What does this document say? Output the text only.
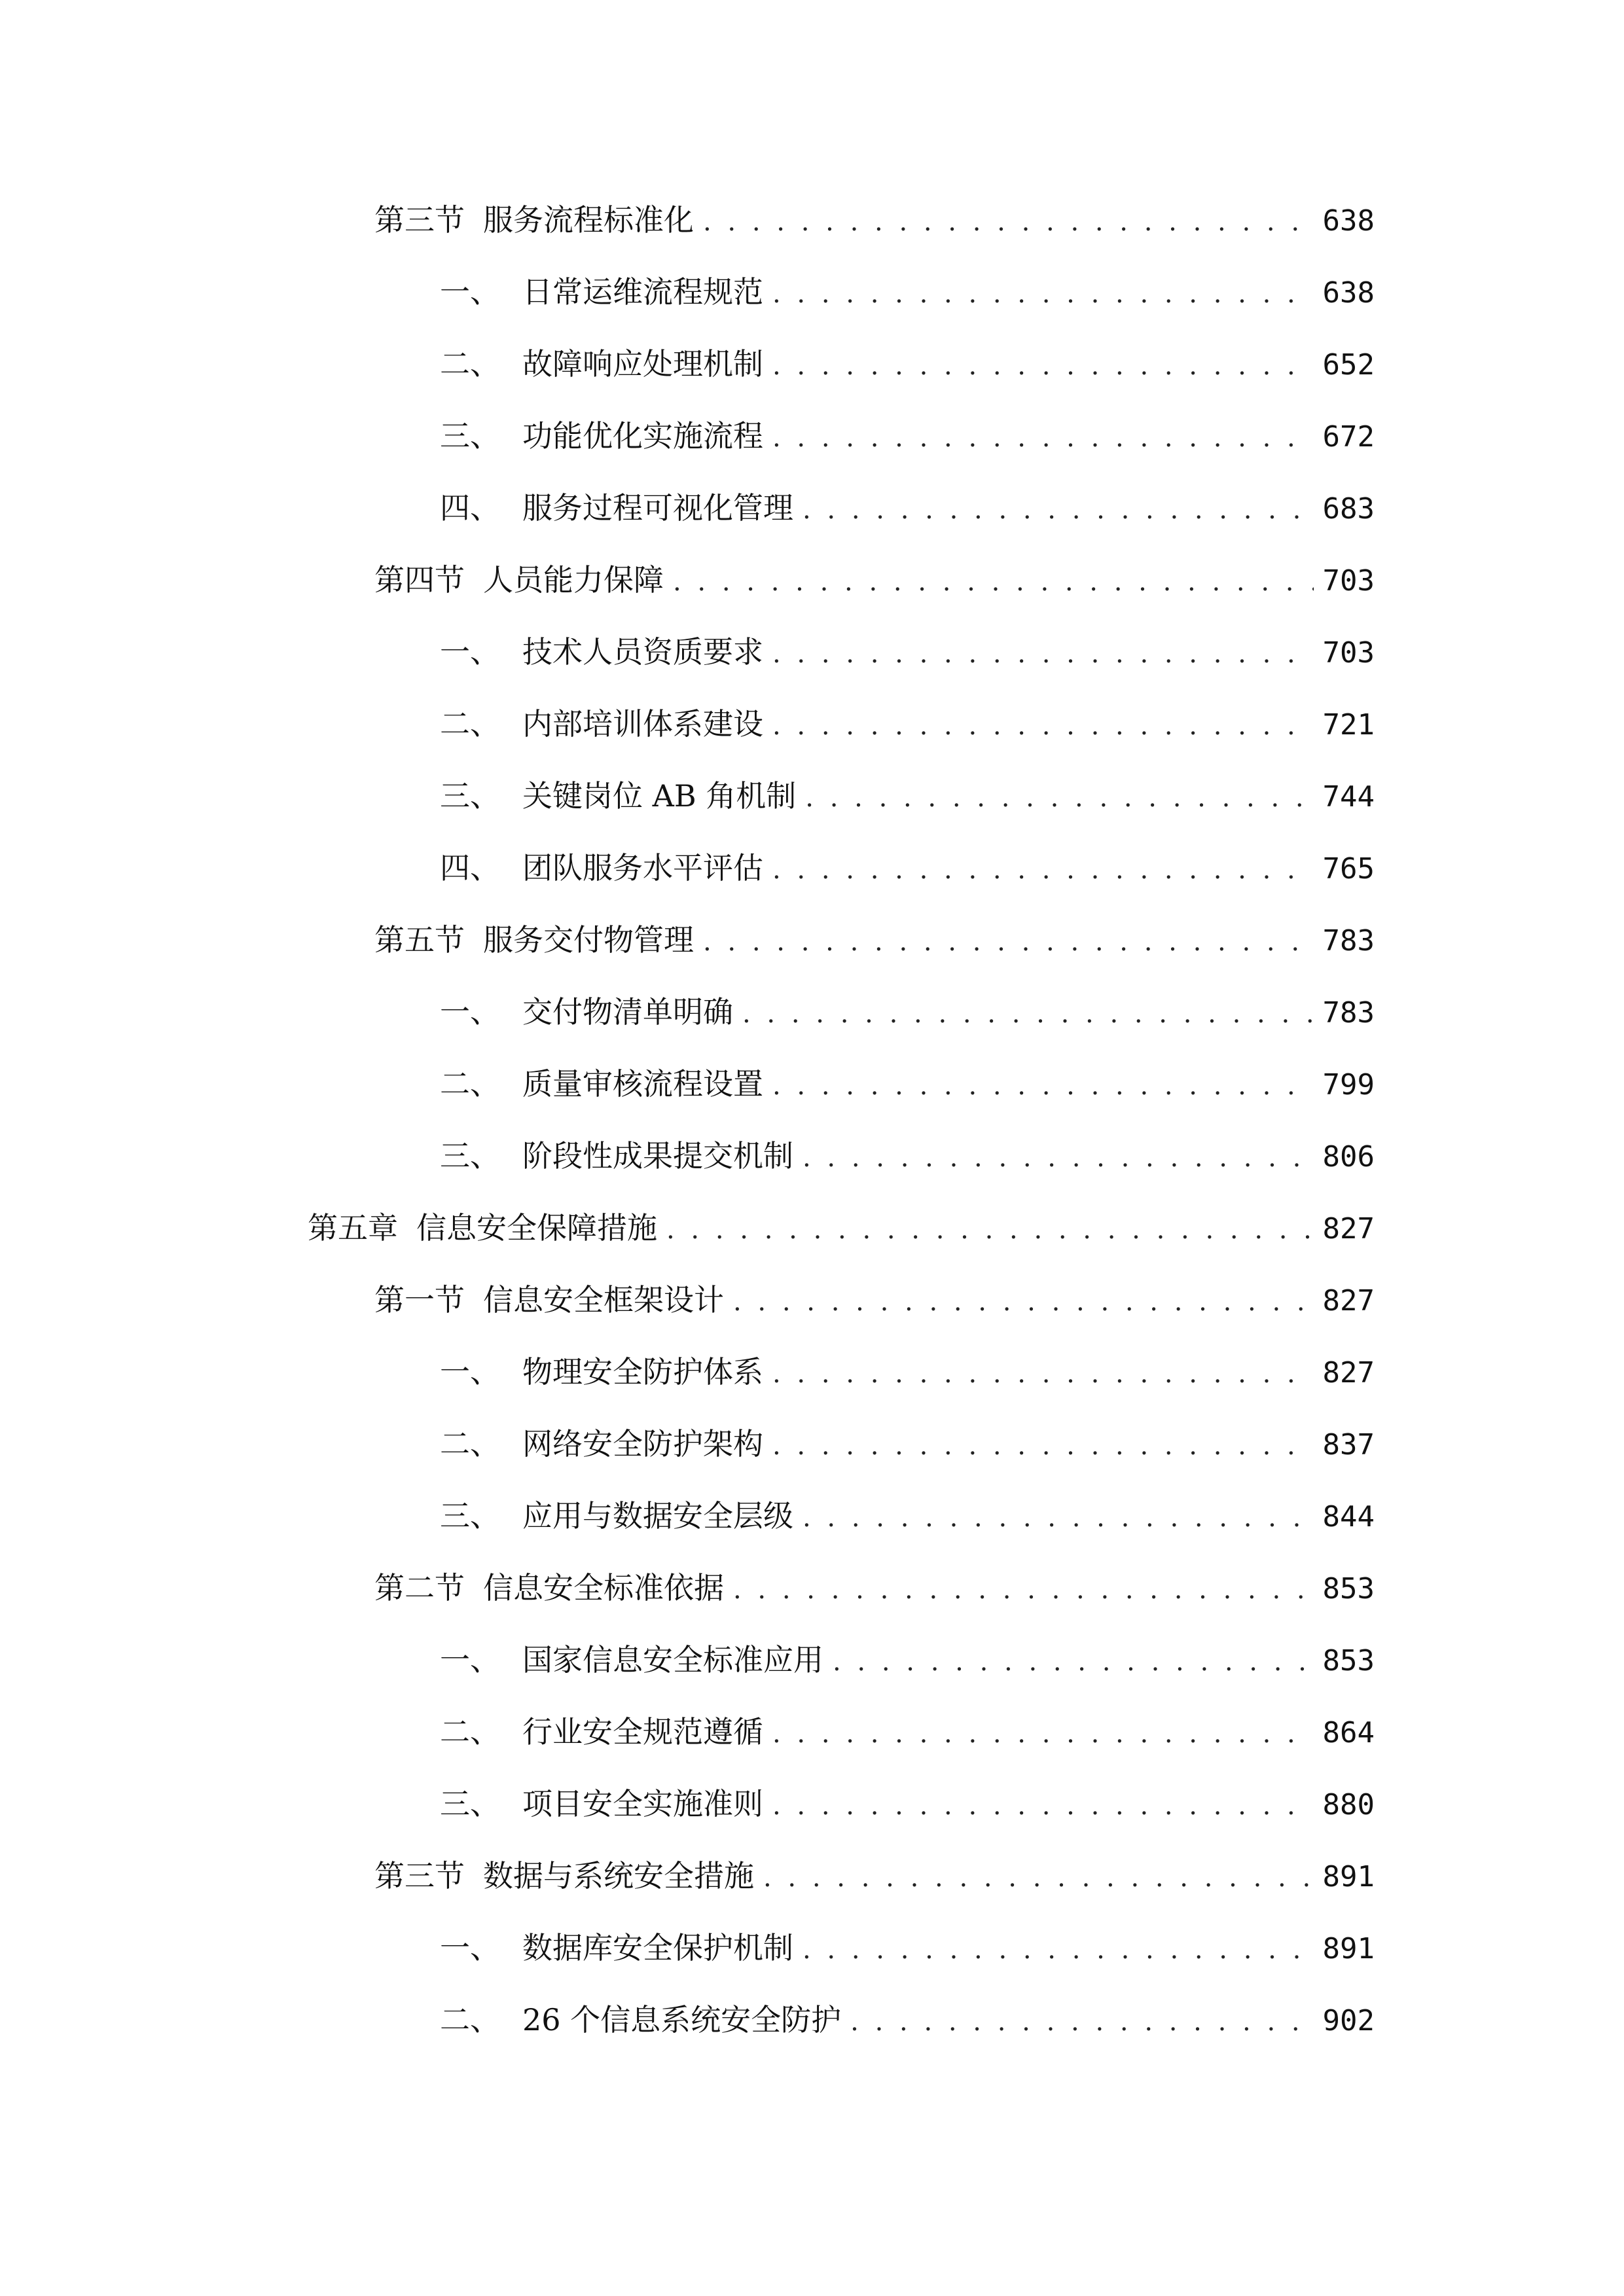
第三节 服务流程标准化 . . .	638
一、 日常运维流程规范 . . .	638
二、 故障响应处理机制 . . .	652
三、 功能优化实施流程 . . .	672
四、 服务过程可视化管理 . . .	683
第四节 人员能力保障 . . .	703
一、 技术人员资质要求 . . .	703
二、 内部培训体系建设 . . .	721
三、 关键岗位 AB 角机制 . . .	744
四、 团队服务水平评估 . . .	765
第五节 服务交付物管理 . . .	783
一、 交付物清单明确 . . .	783
二、 质量审核流程设置 . . .	799
三、 阶段性成果提交机制 . . .	806
第五章 信息安全保障措施 . . .	827
第一节 信息安全框架设计 . . .	827
一、 物理安全防护体系 . . .	827
二、 网络安全防护架构 . . .	837
三、 应用与数据安全层级 . . .	844
第二节 信息安全标准依据 . . .	853
一、 国家信息安全标准应用 . . .	853
二、 行业安全规范遵循 . . .	864
三、 项目安全实施准则 . . .	880
第三节 数据与系统安全措施 . . .	891
一、 数据库安全保护机制 . . .	891
二、 26 个信息系统安全防护 . . .	902
